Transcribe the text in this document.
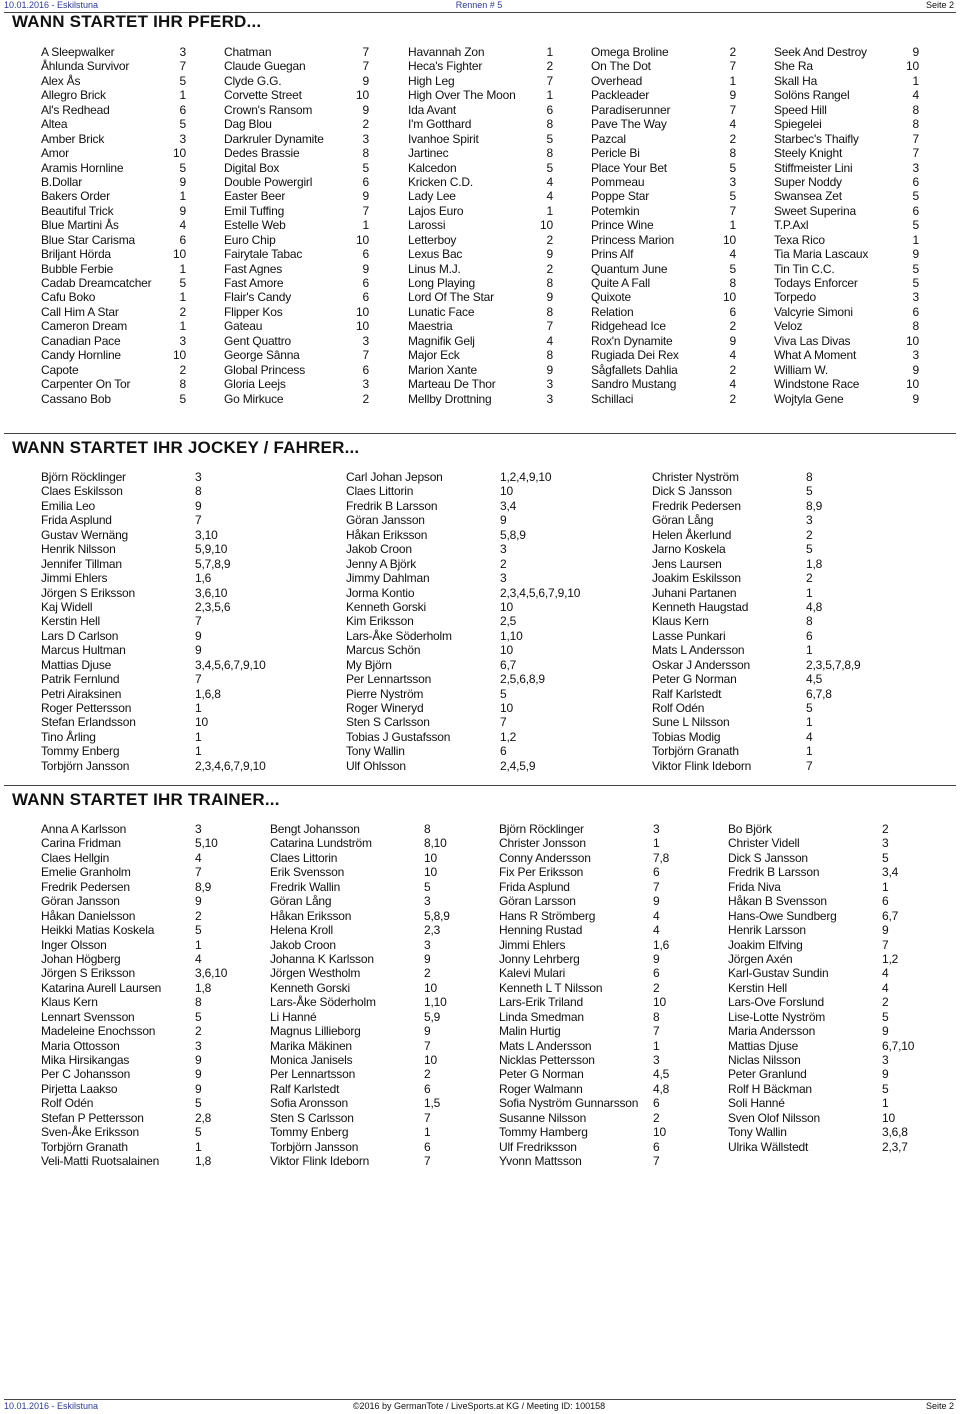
10.01.2016 - Eskilstuna	Rennen # 5	Seite 2
WANN STARTET IHR PFERD...
A Sleepwalker	3
Åhlunda Survivor	7
Alex Ås	5
Allegro Brick	1
Al's Redhead	6
Altea	5
Amber Brick	3
Amor	10
Aramis Hornline	5
B.Dollar	9
Bakers Order	1
Beautiful Trick	9
Blue Martini Ås	4
Blue Star Carisma	6
Briljant Hörda	10
Bubble Ferbie	1
Cadab Dreamcatcher 5
Cafu Boko	1
Call Him A Star	2
Cameron Dream	1
Canadian Pace	3
Candy Hornline	10
Capote	2
Carpenter On Tor	8
Cassano Bob	5
Chatman	7
Claude Guegan	7
Clyde G.G.	9
Corvette Street	10
Crown's Ransom	9
Dag Blou	2
Darkruler Dynamite	3
Dedes Brassie	8
Digital Box	5
Double Powergirl	6
Easter Beer	9
Emil Tuffing	7
Estelle Web	1
Euro Chip	10
Fairytale Tabac	6
Fast Agnes	9
Fast Amore	6
Flair's Candy	6
Flipper Kos	10
Gateau	10
Gent Quattro	3
George Sânna	7
Global Princess	6
Gloria Leejs	3
Go Mirkuce	2
Havannah Zon	1
Heca's Fighter	2
High Leg	7
High Over The Moon	1
Ida Avant	6
I'm Gotthard	8
Ivanhoe Spirit	5
Jartinec	8
Kalcedon	5
Kricken C.D.	4
Lady Lee	4
Lajos Euro	1
Larossi	10
Letterboy	2
Lexus Bac	9
Linus M.J.	2
Long Playing	8
Lord Of The Star	9
Lunatic Face	8
Maestria	7
Magnifik Gelj	4
Major Eck	8
Marion Xante	9
Marteau De Thor	3
Mellby Drottning	3
Omega Broline	2
On The Dot	7
Overhead	1
Packleader	9
Paradiserunner	7
Pave The Way	4
Pazcal	2
Pericle Bi	8
Place Your Bet	5
Pommeau	3
Poppe Star	5
Potemkin	7
Prince Wine	1
Princess Marion	10
Prins Alf	4
Quantum June	5
Quite A Fall	8
Quixote	10
Relation	6
Ridgehead Ice	2
Rox'n Dynamite	9
Rugiada Dei Rex	4
Sågfallets Dahlia	2
Sandro Mustang	4
Schillaci	2
Seek And Destroy	9
She Ra	10
Skall Ha	1
Solöns Rangel	4
Speed Hill	8
Spiegelei	8
Starbec's Thaifly	7
Steely Knight	7
Stiffmeister Lini	3
Super Noddy	6
Swansea Zet	5
Sweet Superina	6
T.P.Axl	5
Texa Rico	1
Tia Maria Lascaux	9
Tin Tin C.C.	5
Todays Enforcer	5
Torpedo	3
Valcyrie Simoni	6
Veloz	8
Viva Las Divas	10
What A Moment	3
William W.	9
Windstone Race	10
Wojtyla Gene	9
WANN STARTET IHR JOCKEY / FAHRER...
Björn Röcklinger	3
Claes Eskilsson	8
Emilia Leo	9
Frida Asplund	7
Gustav Wernäng	3,10
Henrik Nilsson	5,9,10
Jennifer Tillman	5,7,8,9
Jimmi Ehlers	1,6
Jörgen S Eriksson	3,6,10
Kaj Widell	2,3,5,6
Kerstin Hell	7
Lars D Carlson	9
Marcus Hultman	9
Mattias Djuse	3,4,5,6,7,9,10
Patrik Fernlund	7
Petri Airaksinen	1,6,8
Roger Pettersson	1
Stefan Erlandsson	10
Tino Årling	1
Tommy Enberg	1
Torbjörn Jansson	2,3,4,6,7,9,10
Carl Johan Jepson	1,2,4,9,10
Claes Littorin	10
Fredrik B Larsson	3,4
Göran Jansson	9
Håkan Eriksson	5,8,9
Jakob Croon	3
Jenny A Björk	2
Jimmy Dahlman	3
Jorma Kontio	2,3,4,5,6,7,9,10
Kenneth Gorski	10
Kim Eriksson	2,5
Lars-Åke Söderholm	1,10
Marcus Schön	10
My Björn	6,7
Per Lennartsson	2,5,6,8,9
Pierre Nyström	5
Roger Wineryd	10
Sten S Carlsson	7
Tobias J Gustafsson	1,2
Tony Wallin	6
Ulf Ohlsson	2,4,5,9
Christer Nyström	8
Dick S Jansson	5
Fredrik Pedersen	8,9
Göran Lång	3
Helen Åkerlund	2
Jarno Koskela	5
Jens Laursen	1,8
Joakim Eskilsson	2
Juhani Partanen	1
Kenneth Haugstad	4,8
Klaus Kern	8
Lasse Punkari	6
Mats L Andersson	1
Oskar J Andersson	2,3,5,7,8,9
Peter G Norman	4,5
Ralf Karlstedt	6,7,8
Rolf Odén	5
Sune L Nilsson	1
Tobias Modig	4
Torbjörn Granath	1
Viktor Flink Ideborn	7
WANN STARTET IHR TRAINER...
Anna A Karlsson	3
Carina Fridman	5,10
Claes Hellgin	4
Emelie Granholm	7
Fredrik Pedersen	8,9
Göran Jansson	9
Håkan Danielsson	2
Heikki Matias Koskela	5
Inger Olsson	1
Johan Högberg	4
Jörgen S Eriksson	3,6,10
Katarina Aurell Laursen	1,8
Klaus Kern	8
Lennart Svensson	5
Madeleine Enochsson	2
Maria Ottosson	3
Mika Hirsikangas	9
Per C Johansson	9
Pirjetta Laakso	9
Rolf Odén	5
Stefan P Pettersson	2,8
Sven-Åke Eriksson	5
Torbjörn Granath	1
Veli-Matti Ruotsalainen	1,8
Bengt Johansson	8
Catarina Lundström	8,10
Claes Littorin	10
Erik Svensson	10
Fredrik Wallin	5
Göran Lång	3
Håkan Eriksson	5,8,9
Helena Kroll	2,3
Jakob Croon	3
Johanna K Karlsson	9
Jörgen Westholm	2
Kenneth Gorski	10
Lars-Åke Söderholm	1,10
Li Hanné	5,9
Magnus Lillieborg	9
Marika Mäkinen	7
Monica Janisels	10
Per Lennartsson	2
Ralf Karlstedt	6
Sofia Aronsson	1,5
Sten S Carlsson	7
Tommy Enberg	1
Torbjörn Jansson	6
Viktor Flink Ideborn	7
Björn Röcklinger	3
Christer Jonsson	1
Conny Andersson	7,8
Fix Per Eriksson	6
Frida Asplund	7
Göran Larsson	9
Hans R Strömberg	4
Henning Rustad	4
Jimmi Ehlers	1,6
Jonny Lehrberg	9
Kalevi Mulari	6
Kenneth L T Nilsson	2
Lars-Erik Triland	10
Linda Smedman	8
Malin Hurtig	7
Mats L Andersson	1
Nicklas Pettersson	3
Peter G Norman	4,5
Roger Walmann	4,8
Sofia Nyström Gunnarsson 6
Susanne Nilsson	2
Tommy Hamberg	10
Ulf Fredriksson	6
Yvonn Mattsson	7
Bo Björk	2
Christer Videll	3
Dick S Jansson	5
Fredrik B Larsson	3,4
Frida Niva	1
Håkan B Svensson	6
Hans-Owe Sundberg	6,7
Henrik Larsson	9
Joakim Elfving	7
Jörgen Axén	1,2
Karl-Gustav Sundin	4
Kerstin Hell	4
Lars-Ove Forslund	2
Lise-Lotte Nyström	5
Maria Andersson	9
Mattias Djuse	6,7,10
Niclas Nilsson	3
Peter Granlund	9
Rolf H Bäckman	5
Soli Hanné	1
Sven Olof Nilsson	10
Tony Wallin	3,6,8
Ulrika Wällstedt	2,3,7
10.01.2016 - Eskilstuna	©2016 by GermanTote / LiveSports.at KG / Meeting ID: 100158	Seite 2
